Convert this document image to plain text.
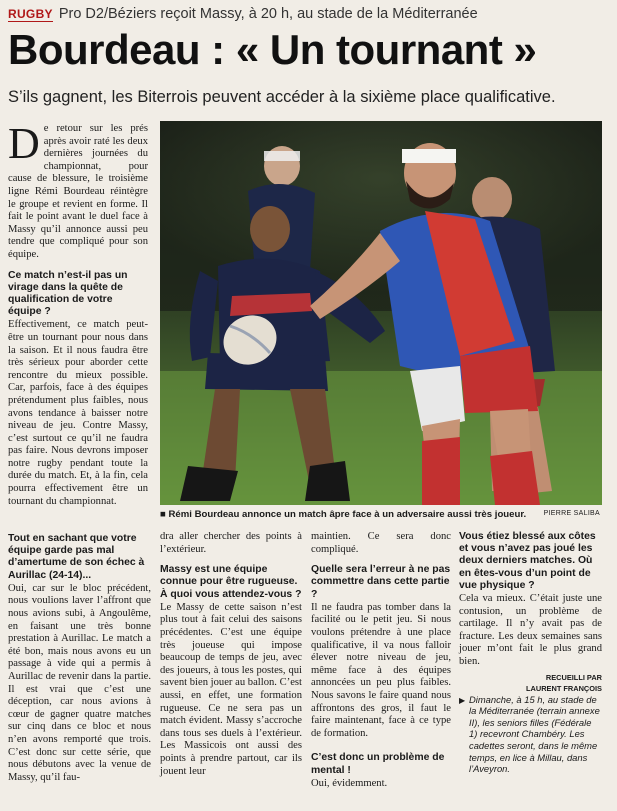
RUGBY Pro D2/Béziers reçoit Massy, à 20 h, au stade de la Méditerranée
Bourdeau : « Un tournant »
S’ils gagnent, les Biterrois peuvent accéder à la sixième place qualificative.

De retour sur les prés après avoir raté les deux dernières journées du championnat, pour cause de blessure, le troisième ligne Rémi Bourdeau réintègre le groupe et revient en forme. Il fait le point avant le duel face à Massy qu’il annonce aussi peu tendre que compliqué pour son équipe.

Ce match n’est-il pas un virage dans la quête de qualification de votre équipe ?

Effectivement, ce match peut-être un tournant pour nous dans la saison. Et il nous faudra être très sérieux pour aborder cette rencontre du mieux possible. Car, parfois, face à des équipes prétendument plus faibles, nous avons tendance à baisser notre niveau de jeu. Contre Massy, c’est surtout ce qu’il ne faudra pas faire. Nous devrons imposer notre rugby pendant toute la durée du match. Et, à la fin, cela pourra effectivement être un tournant du championnat.

■ Rémi Bourdeau annonce un match âpre face à un adversaire aussi très joueur. PIERRE SALIBA

Tout en sachant que votre équipe garde pas mal d’amertume de son échec à Aurillac (24-14)...

Oui, car sur le bloc précédent, nous voulions laver l’affront que nous avions subi, à Angoulême, en faisant une très bonne prestation à Aurillac. Le match a été bon, mais nous avons eu un passage à vide qui a permis à Aurillac de revenir dans la partie. Il est vrai que c’est une déception, car nous avions à cœur de gagner quatre matches sur cinq dans ce bloc et nous n’en avons remporté que trois. C’est donc sur cette série, que nous débutons avec la venue de Massy, qu’il fau-

dra aller chercher des points à l’extérieur.

Massy est une équipe connue pour être rugueuse. À quoi vous attendez-vous ?

Le Massy de cette saison n’est plus tout à fait celui des saisons précédentes. C’est une équipe très joueuse qui impose beaucoup de temps de jeu, avec des joueurs, à tous les postes, qui savent bien jouer au ballon. C’est aussi, en effet, une formation rugueuse. Ce ne sera pas un match évident. Massy s’accroche dans tous ses duels à l’extérieur. Les Massicois ont aussi des points à prendre partout, car ils jouent leur

maintien. Ce sera donc compliqué.

Quelle sera l’erreur à ne pas commettre dans cette partie ?

Il ne faudra pas tomber dans la facilité ou le petit jeu. Si nous voulons prétendre à une place qualificative, il va nous falloir élever notre niveau de jeu, même face à des équipes annoncées un peu plus faibles. Nous savons le faire quand nous affrontons des gros, il faut le faire maintenant, face à ce type de formation.

C’est donc un problème de mental !

Oui, évidemment.

Vous étiez blessé aux côtes et vous n’avez pas joué les deux derniers matches. Où en êtes-vous d’un point de vue physique ?

Cela va mieux. C’était juste une contusion, un problème de cartilage. Il n’y avait pas de fracture. Les deux semaines sans jouer m’ont fait le plus grand bien.

RECUEILLI PAR
LAURENT FRANÇOIS

▶ Dimanche, à 15 h, au stade de la Méditerranée (terrain annexe II), les seniors filles (Fédérale 1) recevront Chambéry. Les cadettes seront, dans le même temps, en lice à Millau, dans l’Aveyron.
